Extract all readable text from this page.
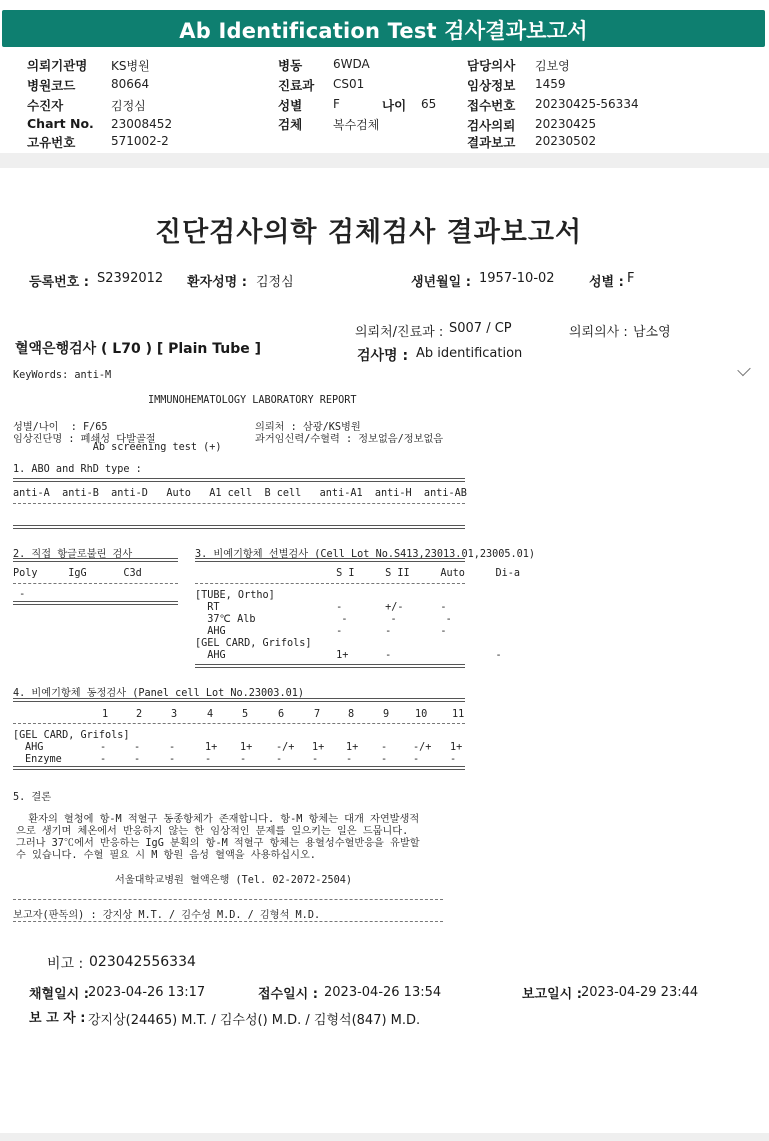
Ab Identification Test 검사결과보고서
의뢰기관명 KS병원
병원코드	80664
수진자	김정심
Chart No. 23008452
고유번호	571002-2
병동	6WDA
진료과 CS01
성별	F	나이 65
검체	복수검체
담당의사 김보영
임상정보 1459
접수번호 20230425-56334
검사의뢰 20230425
결과보고 20230502
진단검사의학 검체검사 결과보고서
등록번호 : S2392012 환자성명 : 김정심	생년월일 : 1957-10-02	성별 : F
의뢰처/진료과 : S007 / CP	의뢰의사 : 남소영
혈액은행검사 ( L70 ) [ Plain Tube ]	검사명 : Ab identification
KeyWords: anti-M
IMMUNOHEMATOLOGY LABORATORY REPORT
성별/나이  : F/65
임상진단명 : 폐쇄성 다발골절
Ab screening test (+)
의뢰처 : 삼광/KS병원
과거임신력/수혈력 : 정보없음/정보없음
1. ABO and RhD type :
anti-A  anti-B  anti-D   Auto   A1 cell  B cell   anti-A1  anti-H  anti-AB
2. 직접 항글로불린 검사
Poly     IgG      C3d
-
3. 비예기항체 선별검사 (Cell Lot No.S413,23013.01,23005.01)
S I     S II     Auto     Di-a
[TUBE, Ortho]
RT                   -       +/-      -
37℃ Alb              -       -        -
AHG                  -       -        -
[GEL CARD, Grifols]
AHG                  1+      -                 -
4. 비예기항체 동정검사 (Panel cell Lot No.23003.01)
1	2	3	4	5	6	7	8	9	10 11
[GEL CARD, Grifols]
AHG	-	-	-	1+ 1+ -/+ 1+ 1+ -	-/+ 1+
Enzyme	-	-	-	-	-	-	-	-	-	-	-
5. 결론
환자의 혈청에 항-M 적혈구 동종항체가 존재합니다. 항-M 항체는 대개 자연발생적
으로 생기며 체온에서 반응하지 않는 한 임상적인 문제를 일으키는 일은 드뭅니다.
그러나 37℃에서 반응하는 IgG 분획의 항-M 적혈구 항체는 용혈성수혈반응을 유발할
수 있습니다. 수혈 필요 시 M 항원 음성 혈액을 사용하십시오.
서울대학교병원 혈액은행 (Tel. 02-2072-2504)
보고자(판독의) : 강지상 M.T. / 김수성 M.D. / 김형석 M.D.
비고 : 023042556334
채혈일시 : 2023-04-26 13:17	접수일시 : 2023-04-26 13:54	보고일시 : 2023-04-29 23:44
보 고 자 : 강지상(24465) M.T. / 김수성() M.D. / 김형석(847) M.D.
